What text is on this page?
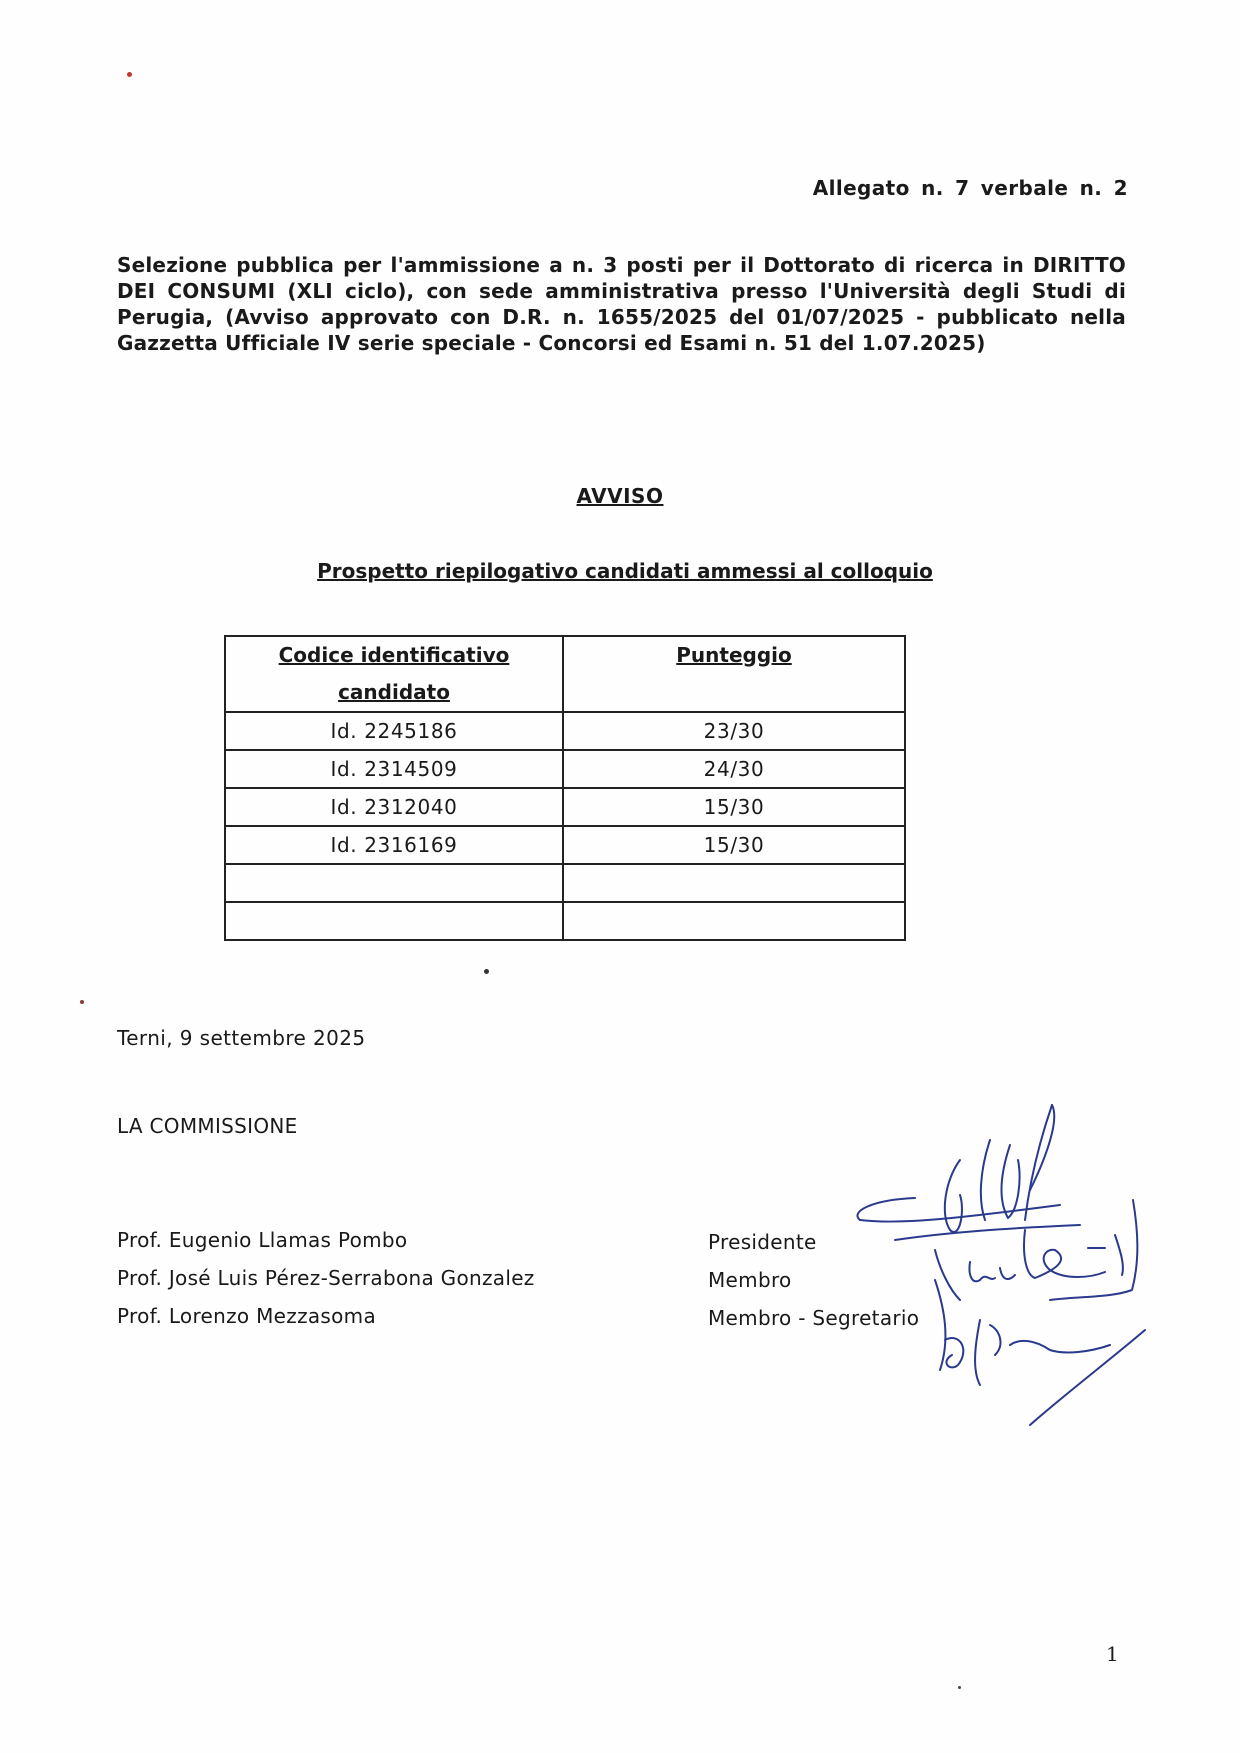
Allegato n. 7 verbale n. 2
Selezione pubblica per l'ammissione a n. 3 posti per il Dottorato di ricerca in DIRITTO DEI CONSUMI (XLI ciclo), con sede amministrativa presso l'Università degli Studi di Perugia, (Avviso approvato con D.R. n. 1655/2025 del 01/07/2025 - pubblicato nella Gazzetta Ufficiale IV serie speciale - Concorsi ed Esami n. 51 del 1.07.2025)
AVVISO
Prospetto riepilogativo candidati ammessi al colloquio
Codice identificativo candidato	Punteggio
Id. 2245186	23/30
Id. 2314509	24/30
Id. 2312040	15/30
Id. 2316169	15/30

Terni, 9 settembre 2025
LA COMMISSIONE
Prof. Eugenio Llamas Pombo	Presidente
Prof. José Luis Pérez-Serrabona Gonzalez	Membro
Prof. Lorenzo Mezzasoma	Membro - Segretario
1
